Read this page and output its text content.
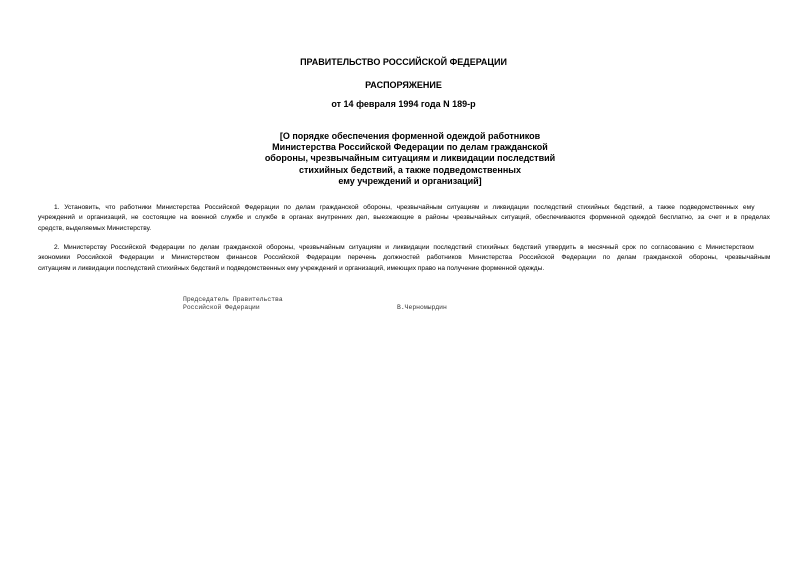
ПРАВИТЕЛЬСТВО РОССИЙСКОЙ ФЕДЕРАЦИИ
РАСПОРЯЖЕНИЕ
от 14 февраля 1994 года N 189-р
[О порядке обеспечения форменной одеждой работников
Министерства Российской Федерации по делам гражданской
обороны, чрезвычайным ситуациям и ликвидации последствий
стихийных бедствий, а также подведомственных
ему учреждений и организаций]
1. Установить, что работники Министерства Российской Федерации по делам гражданской обороны, чрезвычайным ситуациям и ликвидации последствий стихийных бедствий, а также подведомственных ему
учреждений и организаций, не состоящие на военной службе и службе в органах внутренних дел, выезжающие в районы чрезвычайных ситуаций, обеспечиваются форменной одеждой бесплатно, за счет и в пределах
средств, выделяемых Министерству.
2. Министерству Российской Федерации по делам гражданской обороны, чрезвычайным ситуациям и ликвидации последствий стихийных бедствий утвердить в месячный срок по согласованию с Министерством
экономики Российской Федерации и Министерством финансов Российской Федерации перечень должностей работников Министерства Российской Федерации по делам гражданской обороны, чрезвычайным
ситуациям и ликвидации последствий стихийных бедствий и подведомственных ему учреждений и организаций, имеющих право на получение форменной одежды.
Председатель Правительства
Российской Федерации	В.Черномырдин
